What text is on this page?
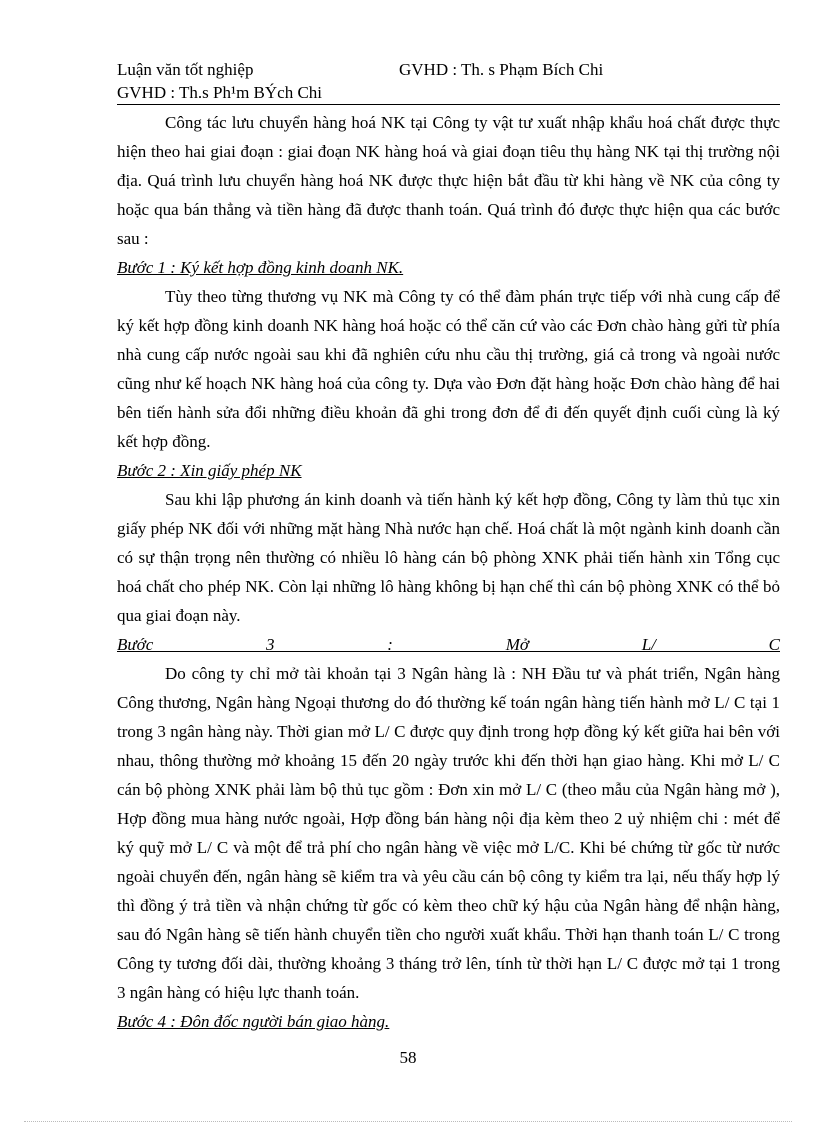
Luận văn tốt nghiệp	GVHD : Th. s Phạm Bích Chi
GVHD : Th.s Ph¹m BÝch Chi

Công tác lưu chuyển hàng hoá NK tại Công ty vật tư xuất nhập khẩu hoá chất được thực hiện theo hai giai đoạn : giai đoạn NK hàng hoá và giai đoạn tiêu thụ hàng NK tại thị trường nội địa. Quá trình lưu chuyển hàng hoá NK được thực hiện bắt đầu từ khi hàng về NK của công ty hoặc qua bán thẳng và tiền hàng đã được thanh toán. Quá trình đó được thực hiện qua các bước sau :

Bước 1 : Ký kết hợp đồng kinh doanh NK.

Tùy theo từng thương vụ NK mà Công ty có thể đàm phán trực tiếp với nhà cung cấp để ký kết hợp đồng kinh doanh NK hàng hoá hoặc có thể căn cứ vào các Đơn chào hàng gửi từ phía nhà cung cấp nước ngoài sau khi đã nghiên cứu nhu cầu thị trường, giá cả trong và ngoài nước cũng như kế hoạch NK hàng hoá của công ty. Dựa vào Đơn đặt hàng hoặc Đơn chào hàng để hai bên tiến hành sửa đổi những điều khoản đã ghi trong đơn để đi đến quyết định cuối cùng là ký kết hợp đồng.

Bước 2 : Xin giấy phép NK

Sau khi lập phương án kinh doanh và tiến hành ký kết hợp đồng, Công ty làm thủ tục xin giấy phép NK đối với những mặt hàng Nhà nước hạn chế. Hoá chất là một ngành kinh doanh cần có sự thận trọng nên thường có nhiều lô hàng cán bộ phòng XNK phải tiến hành xin Tổng cục hoá chất cho phép NK. Còn lại những lô hàng không bị hạn chế thì cán bộ phòng XNK có thể bỏ qua giai đoạn này.

Bước 3 : Mở L/ C

Do công ty chỉ mở tài khoản tại 3 Ngân hàng là : NH Đầu tư và phát triển, Ngân hàng Công thương, Ngân hàng Ngoại thương do đó thường kế toán ngân hàng tiến hành mở L/ C tại 1 trong 3 ngân hàng này. Thời gian mở L/ C được quy định trong hợp đồng ký kết giữa hai bên với nhau, thông thường mở khoảng 15 đến 20 ngày trước khi đến thời hạn giao hàng. Khi mở L/ C cán bộ phòng XNK phải làm bộ thủ tục gồm : Đơn xin mở L/ C (theo mẫu của Ngân hàng mở ), Hợp đồng mua hàng nước ngoài, Hợp đồng bán hàng nội địa kèm theo 2 uỷ nhiệm chi : mét để ký quỹ mở L/ C và một để trả phí cho ngân hàng về việc mở L/C. Khi bé chứng từ gốc từ nước ngoài chuyển đến, ngân hàng sẽ kiểm tra và yêu cầu cán bộ công ty kiểm tra lại, nếu thấy hợp lý thì đồng ý trả tiền và nhận chứng từ gốc có kèm theo chữ ký hậu của Ngân hàng để nhận hàng, sau đó Ngân hàng sẽ tiến hành chuyển tiền cho người xuất khẩu. Thời hạn thanh toán L/ C trong Công ty tương đối dài, thường khoảng 3 tháng trở lên, tính từ thời hạn L/ C được mở tại 1 trong 3 ngân hàng có hiệu lực thanh toán.

Bước 4 : Đôn đốc người bán giao hàng.

58
